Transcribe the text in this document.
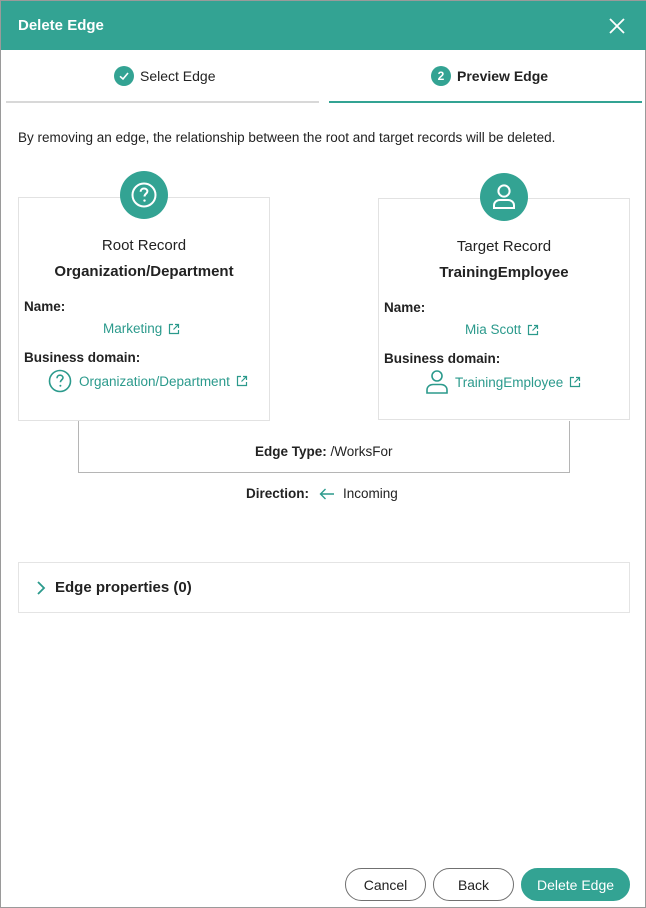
Delete Edge
Select Edge	2 Preview Edge
By removing an edge, the relationship between the root and target records will be deleted.
Root Record
Organization/Department
Name:
Marketing
Business domain:
Organization/Department
Target Record
TrainingEmployee
Name:
Mia Scott
Business domain:
TrainingEmployee
Edge Type: /WorksFor
Direction:	Incoming
Edge properties (0)
Cancel	Back	Delete Edge
